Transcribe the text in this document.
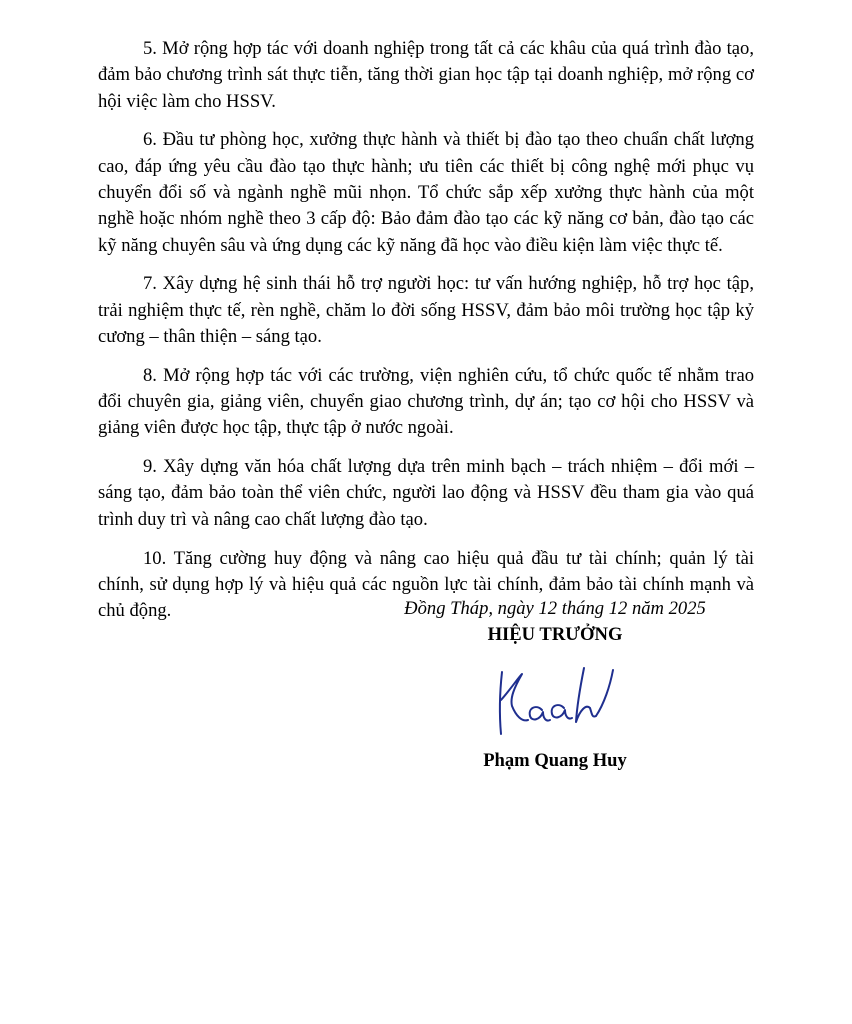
5. Mở rộng hợp tác với doanh nghiệp trong tất cả các khâu của quá trình đào tạo, đảm bảo chương trình sát thực tiễn, tăng thời gian học tập tại doanh nghiệp, mở rộng cơ hội việc làm cho HSSV.

6. Đầu tư phòng học, xưởng thực hành và thiết bị đào tạo theo chuẩn chất lượng cao, đáp ứng yêu cầu đào tạo thực hành; ưu tiên các thiết bị công nghệ mới phục vụ chuyển đổi số và ngành nghề mũi nhọn. Tổ chức sắp xếp xưởng thực hành của một nghề hoặc nhóm nghề theo 3 cấp độ: Bảo đảm đào tạo các kỹ năng cơ bản, đào tạo các kỹ năng chuyên sâu và ứng dụng các kỹ năng đã học vào điều kiện làm việc thực tế.

7. Xây dựng hệ sinh thái hỗ trợ người học: tư vấn hướng nghiệp, hỗ trợ học tập, trải nghiệm thực tế, rèn nghề, chăm lo đời sống HSSV, đảm bảo môi trường học tập kỷ cương – thân thiện – sáng tạo.

8. Mở rộng hợp tác với các trường, viện nghiên cứu, tổ chức quốc tế nhằm trao đổi chuyên gia, giảng viên, chuyển giao chương trình, dự án; tạo cơ hội cho HSSV và giảng viên được học tập, thực tập ở nước ngoài.

9. Xây dựng văn hóa chất lượng dựa trên minh bạch – trách nhiệm – đổi mới – sáng tạo, đảm bảo toàn thể viên chức, người lao động và HSSV đều tham gia vào quá trình duy trì và nâng cao chất lượng đào tạo.

10. Tăng cường huy động và nâng cao hiệu quả đầu tư tài chính; quản lý tài chính, sử dụng hợp lý và hiệu quả các nguồn lực tài chính, đảm bảo tài chính mạnh và chủ động.	Đồng Tháp, ngày 12 tháng 12 năm 2025

HIỆU TRƯỞNG

Phạm Quang Huy
